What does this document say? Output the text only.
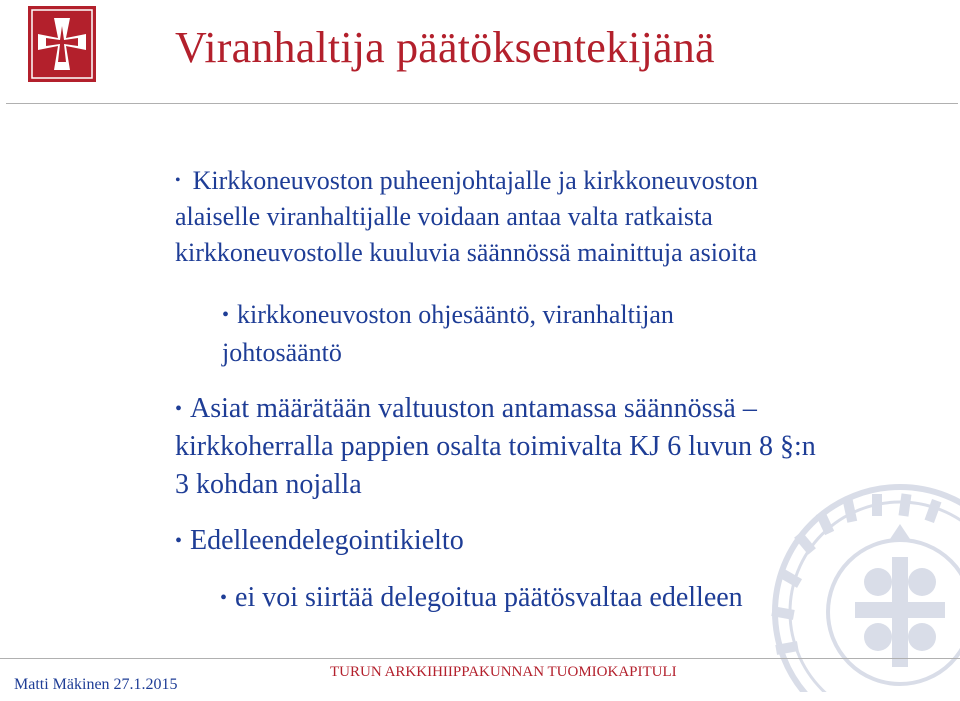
Viranhaltija päätöksentekijänä
• Kirkkoneuvoston puheenjohtajalle ja kirkkoneuvoston
alaiselle viranhaltijalle voidaan antaa valta ratkaista
kirkkoneuvostolle kuuluvia säännössä mainittuja asioita
• kirkkoneuvoston ohjesääntö, viranhaltijan
johtosääntö
• Asiat määrätään valtuuston antamassa säännössä –
kirkkoherralla pappien osalta toimivalta KJ 6 luvun 8 §:n
3 kohdan nojalla
• Edelleendelegointikielto
• ei voi siirtää delegoitua päätösvaltaa edelleen
Matti Mäkinen 27.1.2015
TURUN ARKKIHIIPPAKUNNAN TUOMIOKAPITULI
